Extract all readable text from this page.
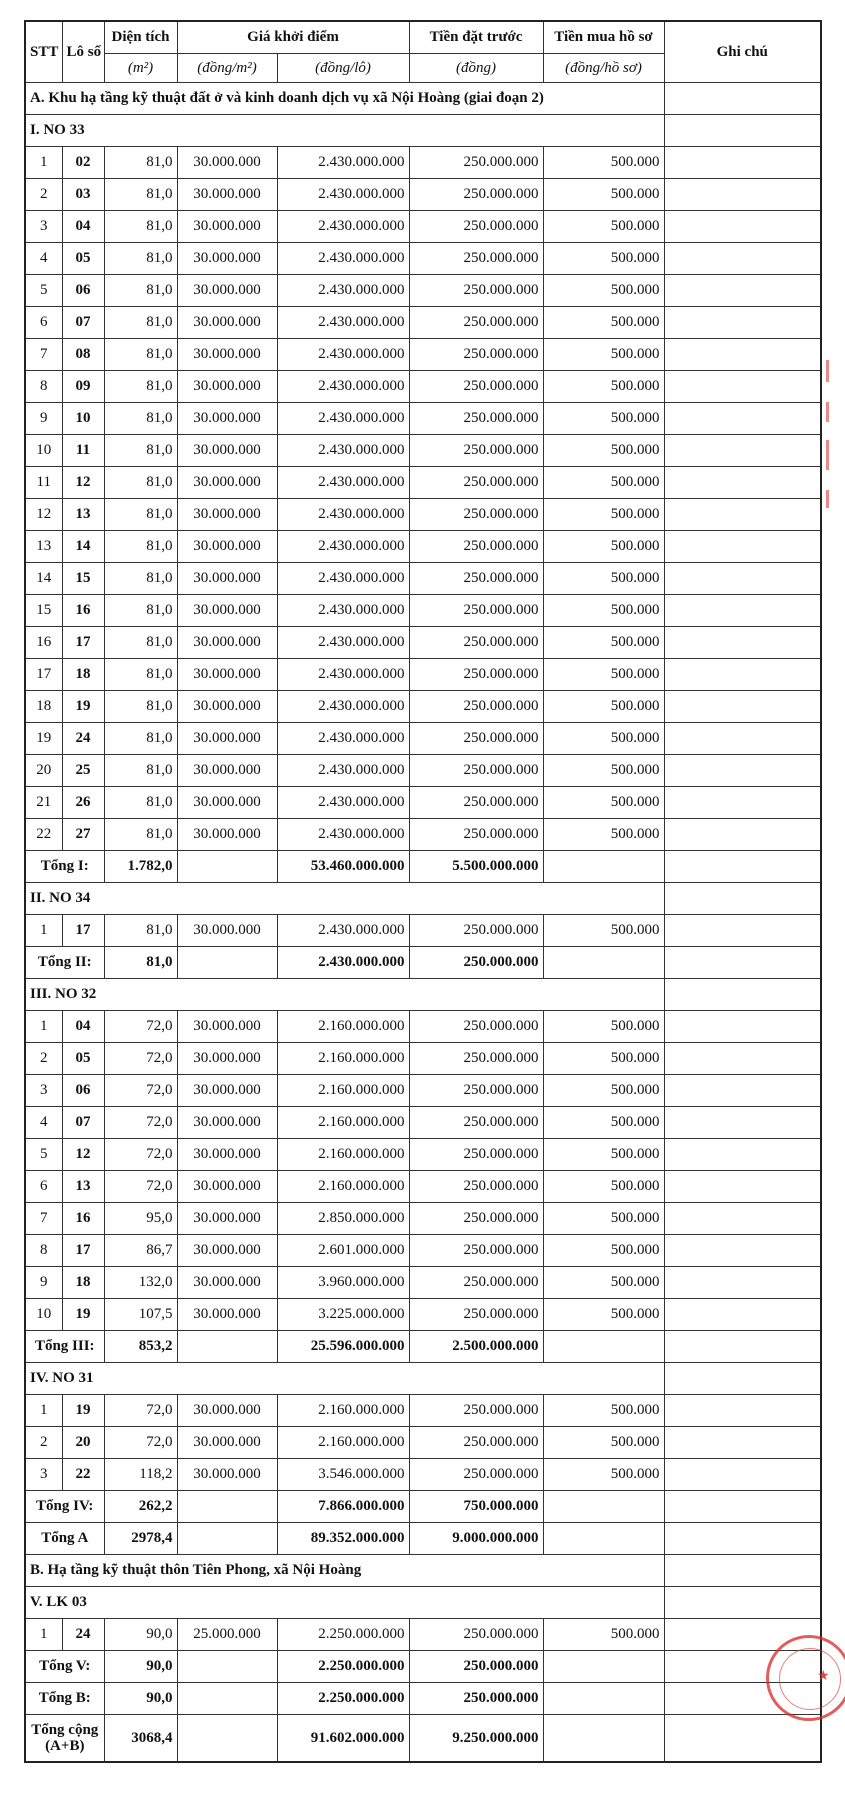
STT	Lô số	Diện tích	Giá khởi điểm		Tiền đặt trước	Tiền mua hồ sơ	Ghi chú
		(m²)	(đồng/m²)	(đồng/lô)	(đồng)	(đồng/hồ sơ)	
A. Khu hạ tầng kỹ thuật đất ở và kinh doanh dịch vụ xã Nội Hoàng (giai đoạn 2)							
I. NO 33							
1	02	81,0	30.000.000	2.430.000.000	250.000.000	500.000	
2	03	81,0	30.000.000	2.430.000.000	250.000.000	500.000	
3	04	81,0	30.000.000	2.430.000.000	250.000.000	500.000	
4	05	81,0	30.000.000	2.430.000.000	250.000.000	500.000	
5	06	81,0	30.000.000	2.430.000.000	250.000.000	500.000	
6	07	81,0	30.000.000	2.430.000.000	250.000.000	500.000	
7	08	81,0	30.000.000	2.430.000.000	250.000.000	500.000	
8	09	81,0	30.000.000	2.430.000.000	250.000.000	500.000	
9	10	81,0	30.000.000	2.430.000.000	250.000.000	500.000	
10	11	81,0	30.000.000	2.430.000.000	250.000.000	500.000	
11	12	81,0	30.000.000	2.430.000.000	250.000.000	500.000	
12	13	81,0	30.000.000	2.430.000.000	250.000.000	500.000	
13	14	81,0	30.000.000	2.430.000.000	250.000.000	500.000	
14	15	81,0	30.000.000	2.430.000.000	250.000.000	500.000	
15	16	81,0	30.000.000	2.430.000.000	250.000.000	500.000	
16	17	81,0	30.000.000	2.430.000.000	250.000.000	500.000	
17	18	81,0	30.000.000	2.430.000.000	250.000.000	500.000	
18	19	81,0	30.000.000	2.430.000.000	250.000.000	500.000	
19	24	81,0	30.000.000	2.430.000.000	250.000.000	500.000	
20	25	81,0	30.000.000	2.430.000.000	250.000.000	500.000	
21	26	81,0	30.000.000	2.430.000.000	250.000.000	500.000	
22	27	81,0	30.000.000	2.430.000.000	250.000.000	500.000	
Tổng I:		1.782,0		53.460.000.000	5.500.000.000		
II. NO 34							
1	17	81,0	30.000.000	2.430.000.000	250.000.000	500.000	
Tổng II:		81,0		2.430.000.000	250.000.000		
III. NO 32							
1	04	72,0	30.000.000	2.160.000.000	250.000.000	500.000	
2	05	72,0	30.000.000	2.160.000.000	250.000.000	500.000	
3	06	72,0	30.000.000	2.160.000.000	250.000.000	500.000	
4	07	72,0	30.000.000	2.160.000.000	250.000.000	500.000	
5	12	72,0	30.000.000	2.160.000.000	250.000.000	500.000	
6	13	72,0	30.000.000	2.160.000.000	250.000.000	500.000	
7	16	95,0	30.000.000	2.850.000.000	250.000.000	500.000	
8	17	86,7	30.000.000	2.601.000.000	250.000.000	500.000	
9	18	132,0	30.000.000	3.960.000.000	250.000.000	500.000	
10	19	107,5	30.000.000	3.225.000.000	250.000.000	500.000	
Tổng III:		853,2		25.596.000.000	2.500.000.000		
IV. NO 31							
1	19	72,0	30.000.000	2.160.000.000	250.000.000	500.000	
2	20	72,0	30.000.000	2.160.000.000	250.000.000	500.000	
3	22	118,2	30.000.000	3.546.000.000	250.000.000	500.000	
Tổng IV:		262,2		7.866.000.000	750.000.000		
Tổng A		2978,4		89.352.000.000	9.000.000.000		
B. Hạ tầng kỹ thuật thôn Tiên Phong, xã Nội Hoàng							
V. LK 03							
1	24	90,0	25.000.000	2.250.000.000	250.000.000	500.000	
Tổng V:		90,0		2.250.000.000	250.000.000		
Tổng B:		90,0		2.250.000.000	250.000.000		
Tổng cộng (A+B)		3068,4		91.602.000.000	9.250.000.000		
★
